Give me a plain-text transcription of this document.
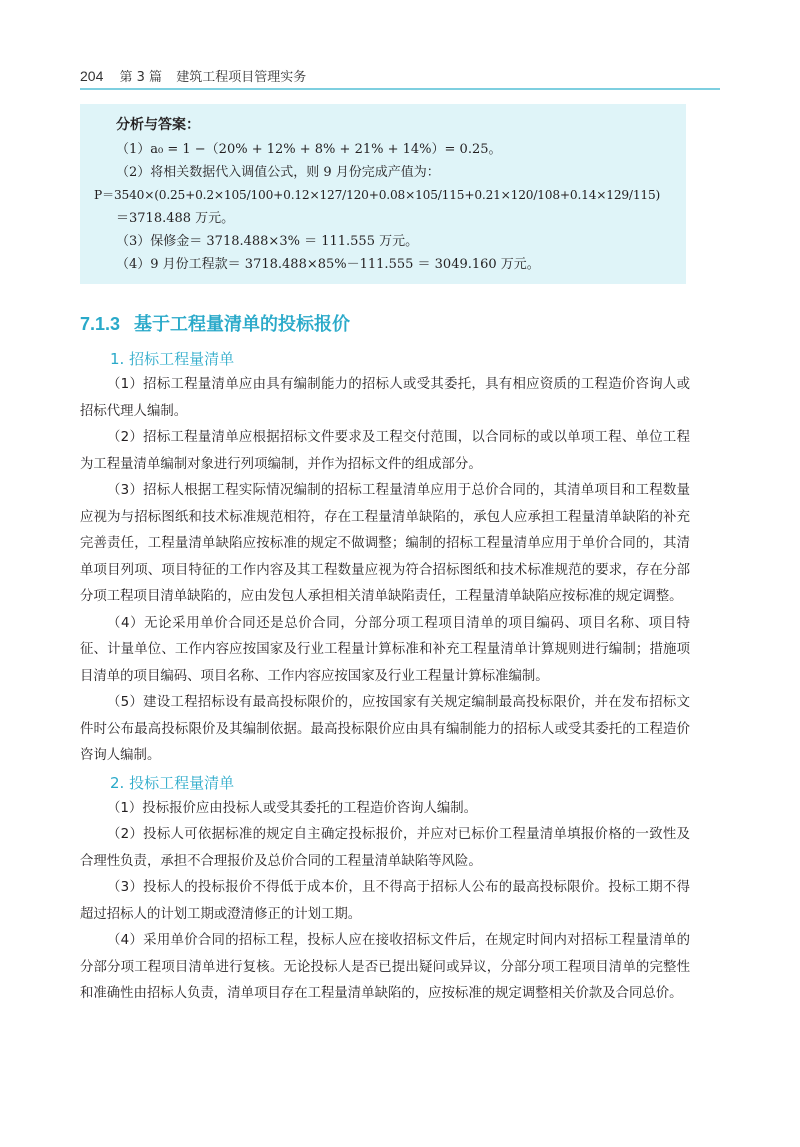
204 第 3 篇 建筑工程项目管理实务
分析与答案：
（1）a₀ = 1 −（20% + 12% + 8% + 21% + 14%）= 0.25。
（2）将相关数据代入调值公式，则 9 月份完成产值为：
P＝3540×(0.25+0.2×105/100+0.12×127/120+0.08×105/115+0.21×120/108+0.14×129/115)
＝3718.488 万元。
（3）保修金＝ 3718.488×3% ＝ 111.555 万元。
（4）9 月份工程款＝ 3718.488×85%－111.555 ＝ 3049.160 万元。
7.1.3 基于工程量清单的投标报价
1. 招标工程量清单

（1）招标工程量清单应由具有编制能力的招标人或受其委托，具有相应资质的工程造价咨询人或招标代理人编制。

（2）招标工程量清单应根据招标文件要求及工程交付范围，以合同标的或以单项工程、单位工程为工程量清单编制对象进行列项编制，并作为招标文件的组成部分。

（3）招标人根据工程实际情况编制的招标工程量清单应用于总价合同的，其清单项目和工程数量应视为与招标图纸和技术标准规范相符，存在工程量清单缺陷的，承包人应承担工程量清单缺陷的补充完善责任，工程量清单缺陷应按标准的规定不做调整；编制的招标工程量清单应用于单价合同的，其清单项目列项、项目特征的工作内容及其工程数量应视为符合招标图纸和技术标准规范的要求，存在分部分项工程项目清单缺陷的，应由发包人承担相关清单缺陷责任，工程量清单缺陷应按标准的规定调整。

（4）无论采用单价合同还是总价合同，分部分项工程项目清单的项目编码、项目名称、项目特征、计量单位、工作内容应按国家及行业工程量计算标准和补充工程量清单计算规则进行编制；措施项目清单的项目编码、项目名称、工作内容应按国家及行业工程量计算标准编制。

（5）建设工程招标设有最高投标限价的，应按国家有关规定编制最高投标限价，并在发布招标文件时公布最高投标限价及其编制依据。最高投标限价应由具有编制能力的招标人或受其委托的工程造价咨询人编制。

2. 投标工程量清单

（1）投标报价应由投标人或受其委托的工程造价咨询人编制。

（2）投标人可依据标准的规定自主确定投标报价，并应对已标价工程量清单填报价格的一致性及合理性负责，承担不合理报价及总价合同的工程量清单缺陷等风险。

（3）投标人的投标报价不得低于成本价，且不得高于招标人公布的最高投标限价。投标工期不得超过招标人的计划工期或澄清修正的计划工期。

（4）采用单价合同的招标工程，投标人应在接收招标文件后，在规定时间内对招标工程量清单的分部分项工程项目清单进行复核。无论投标人是否已提出疑问或异议，分部分项工程项目清单的完整性和准确性由招标人负责，清单项目存在工程量清单缺陷的，应按标准的规定调整相关价款及合同总价。
